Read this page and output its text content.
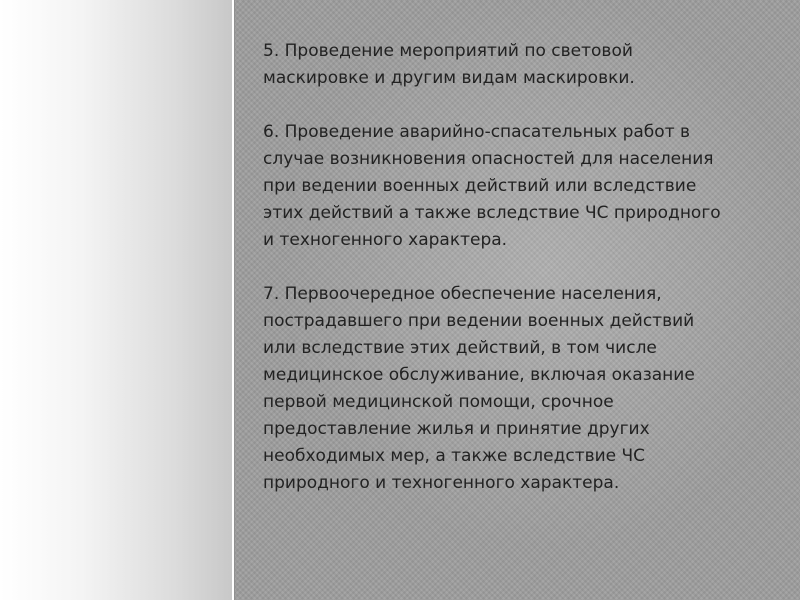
5. Проведение мероприятий по световой
маскировке и другим видам маскировки.

6. Проведение аварийно-спасательных работ в
случае возникновения опасностей для населения
при ведении военных действий или вследствие
этих действий а также вследствие ЧС природного
и техногенного характера.

7. Первоочередное обеспечение населения,
пострадавшего при ведении военных действий
или вследствие этих действий, в том числе
медицинское обслуживание, включая оказание
первой медицинской помощи, срочное
предоставление жилья и принятие других
необходимых мер, а также вследствие ЧС
природного и техногенного характера.
